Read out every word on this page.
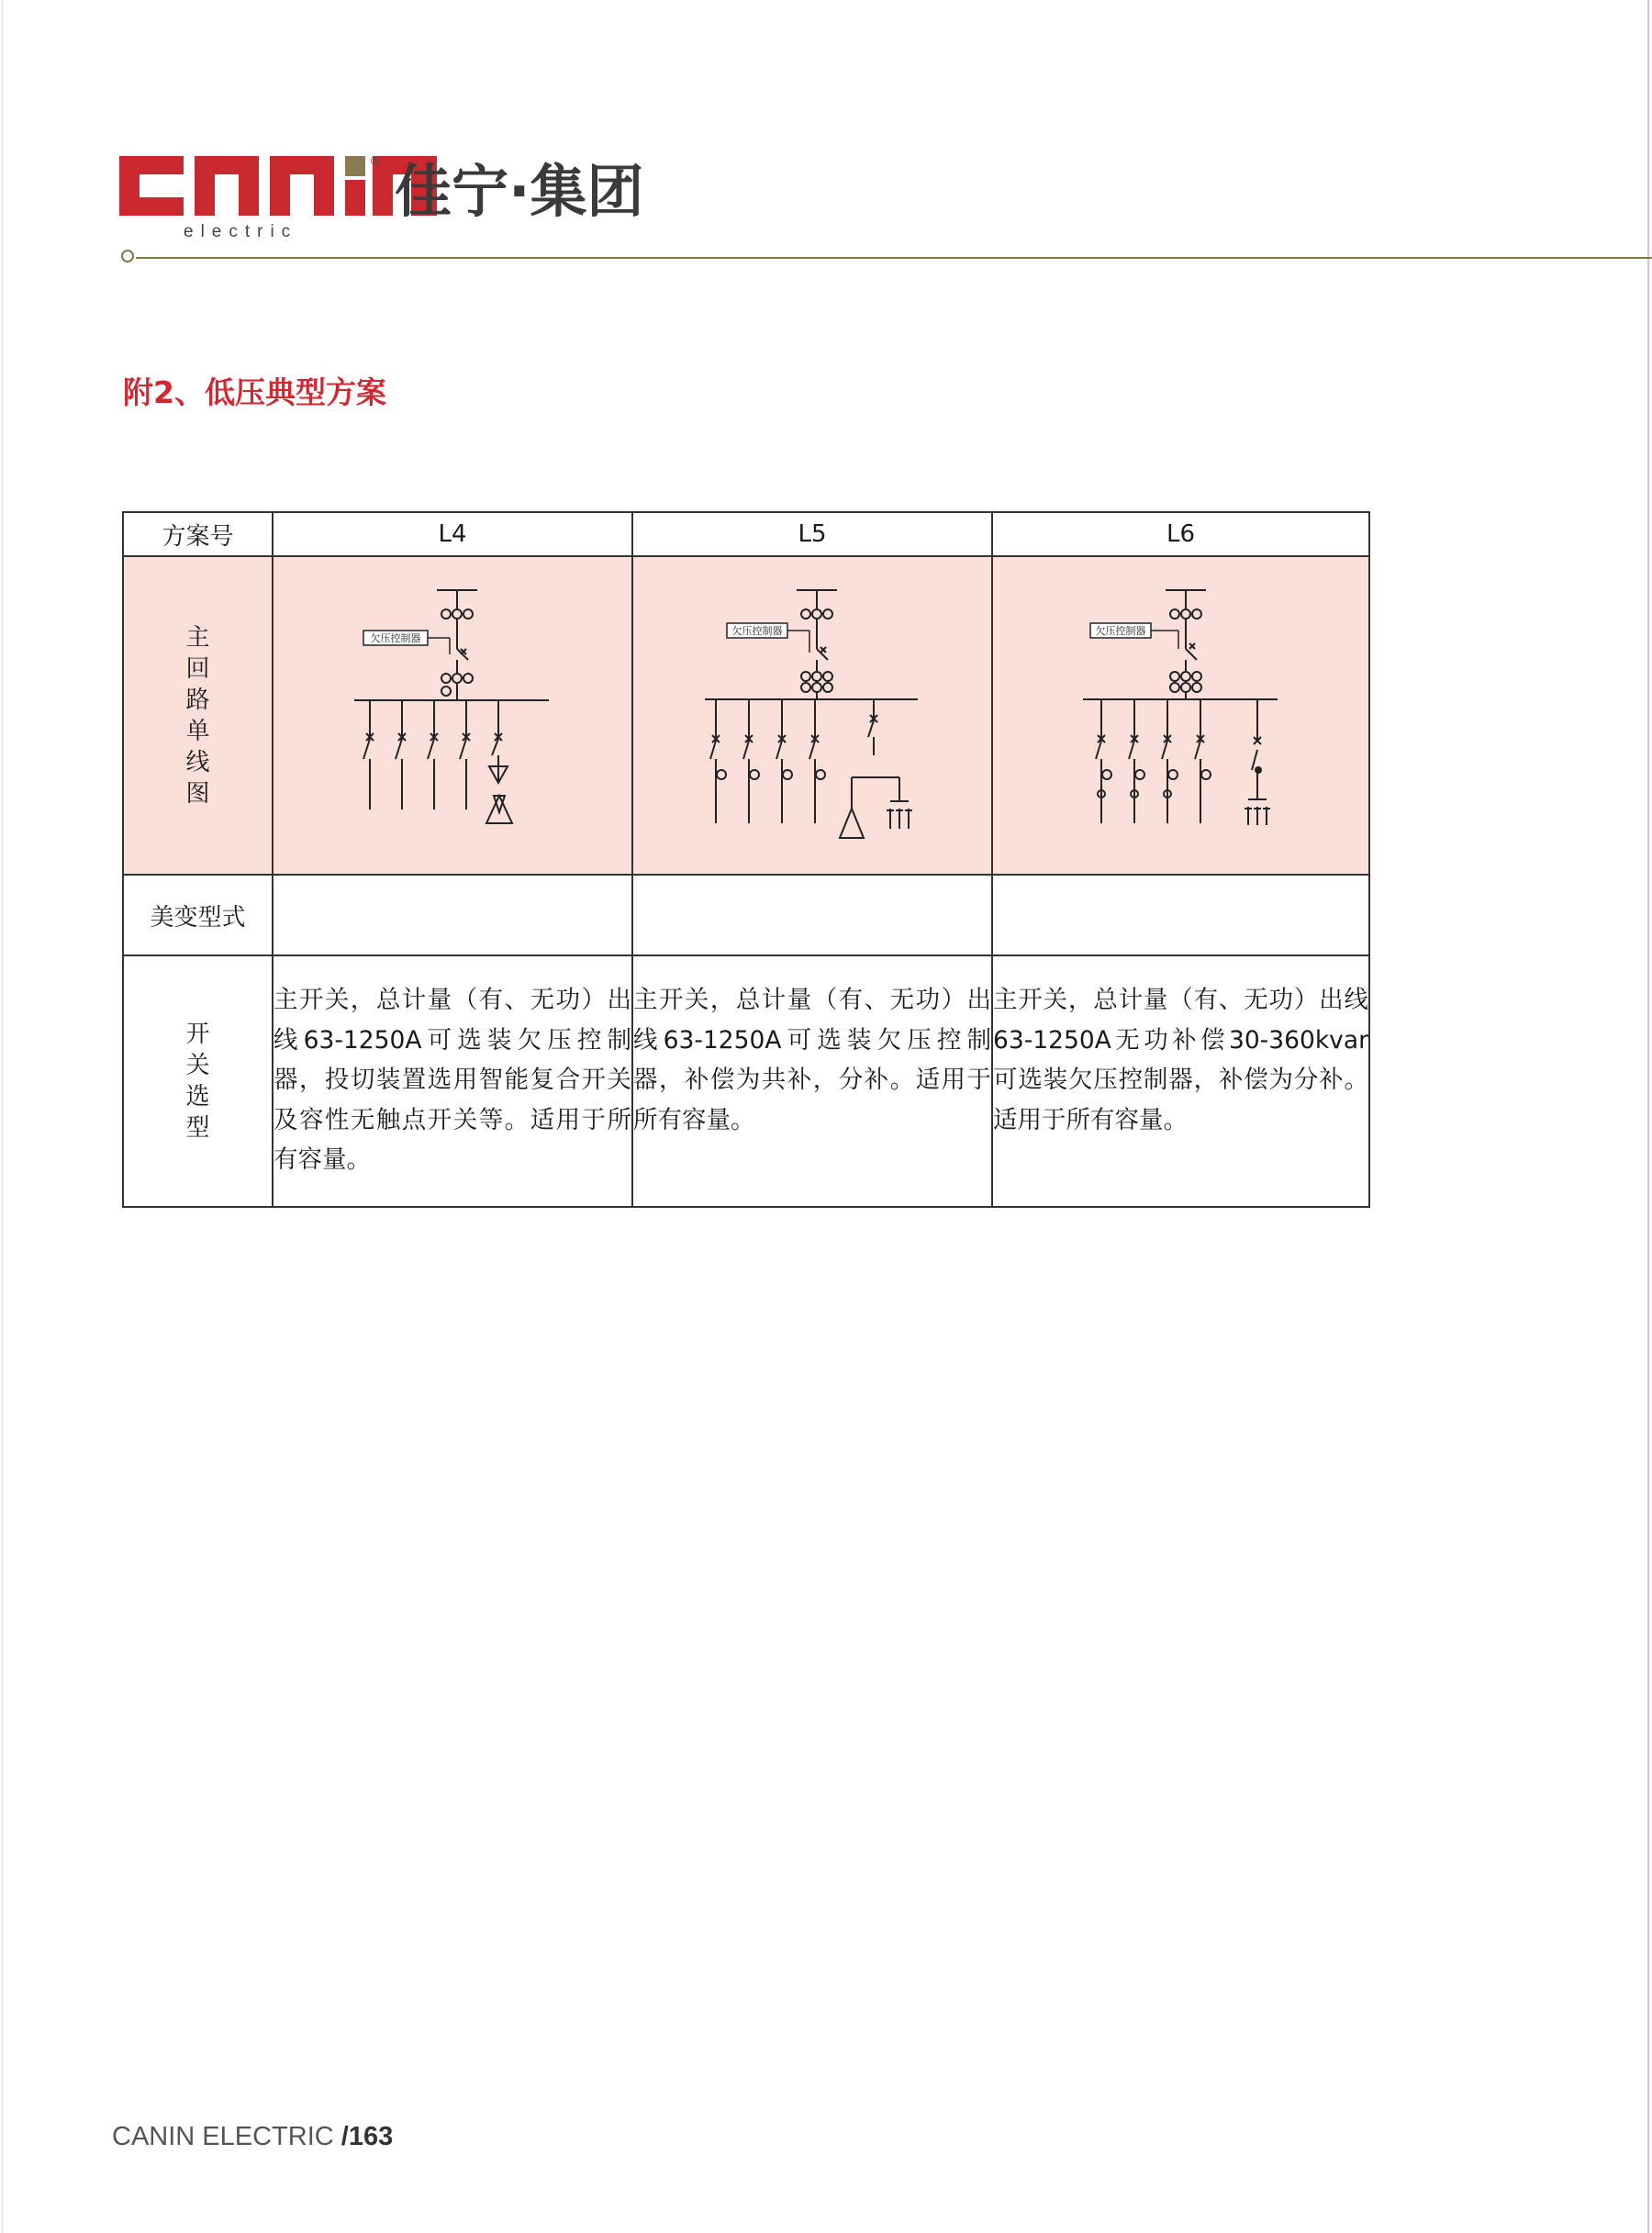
®
electric
佳宁·集团
附2、低压典型方案
方案号	L4	L5	L6

主回路单线图	欠压控制器	欠压控制器	欠压控制器

美变型式			

开关选型	主开关，总计量（有、无功）出线63-1250A可选装欠压控制器，投切装置选用智能复合开关及容性无触点开关等。适用于所有容量。	主开关，总计量（有、无功）出线63-1250A可选装欠压控制器，补偿为共补，分补。适用于所有容量。	主开关，总计量（有、无功）出线63-1250A无功补偿30-360kvar可选装欠压控制器，补偿为分补。适用于所有容量。

CANIN ELECTRIC /163
